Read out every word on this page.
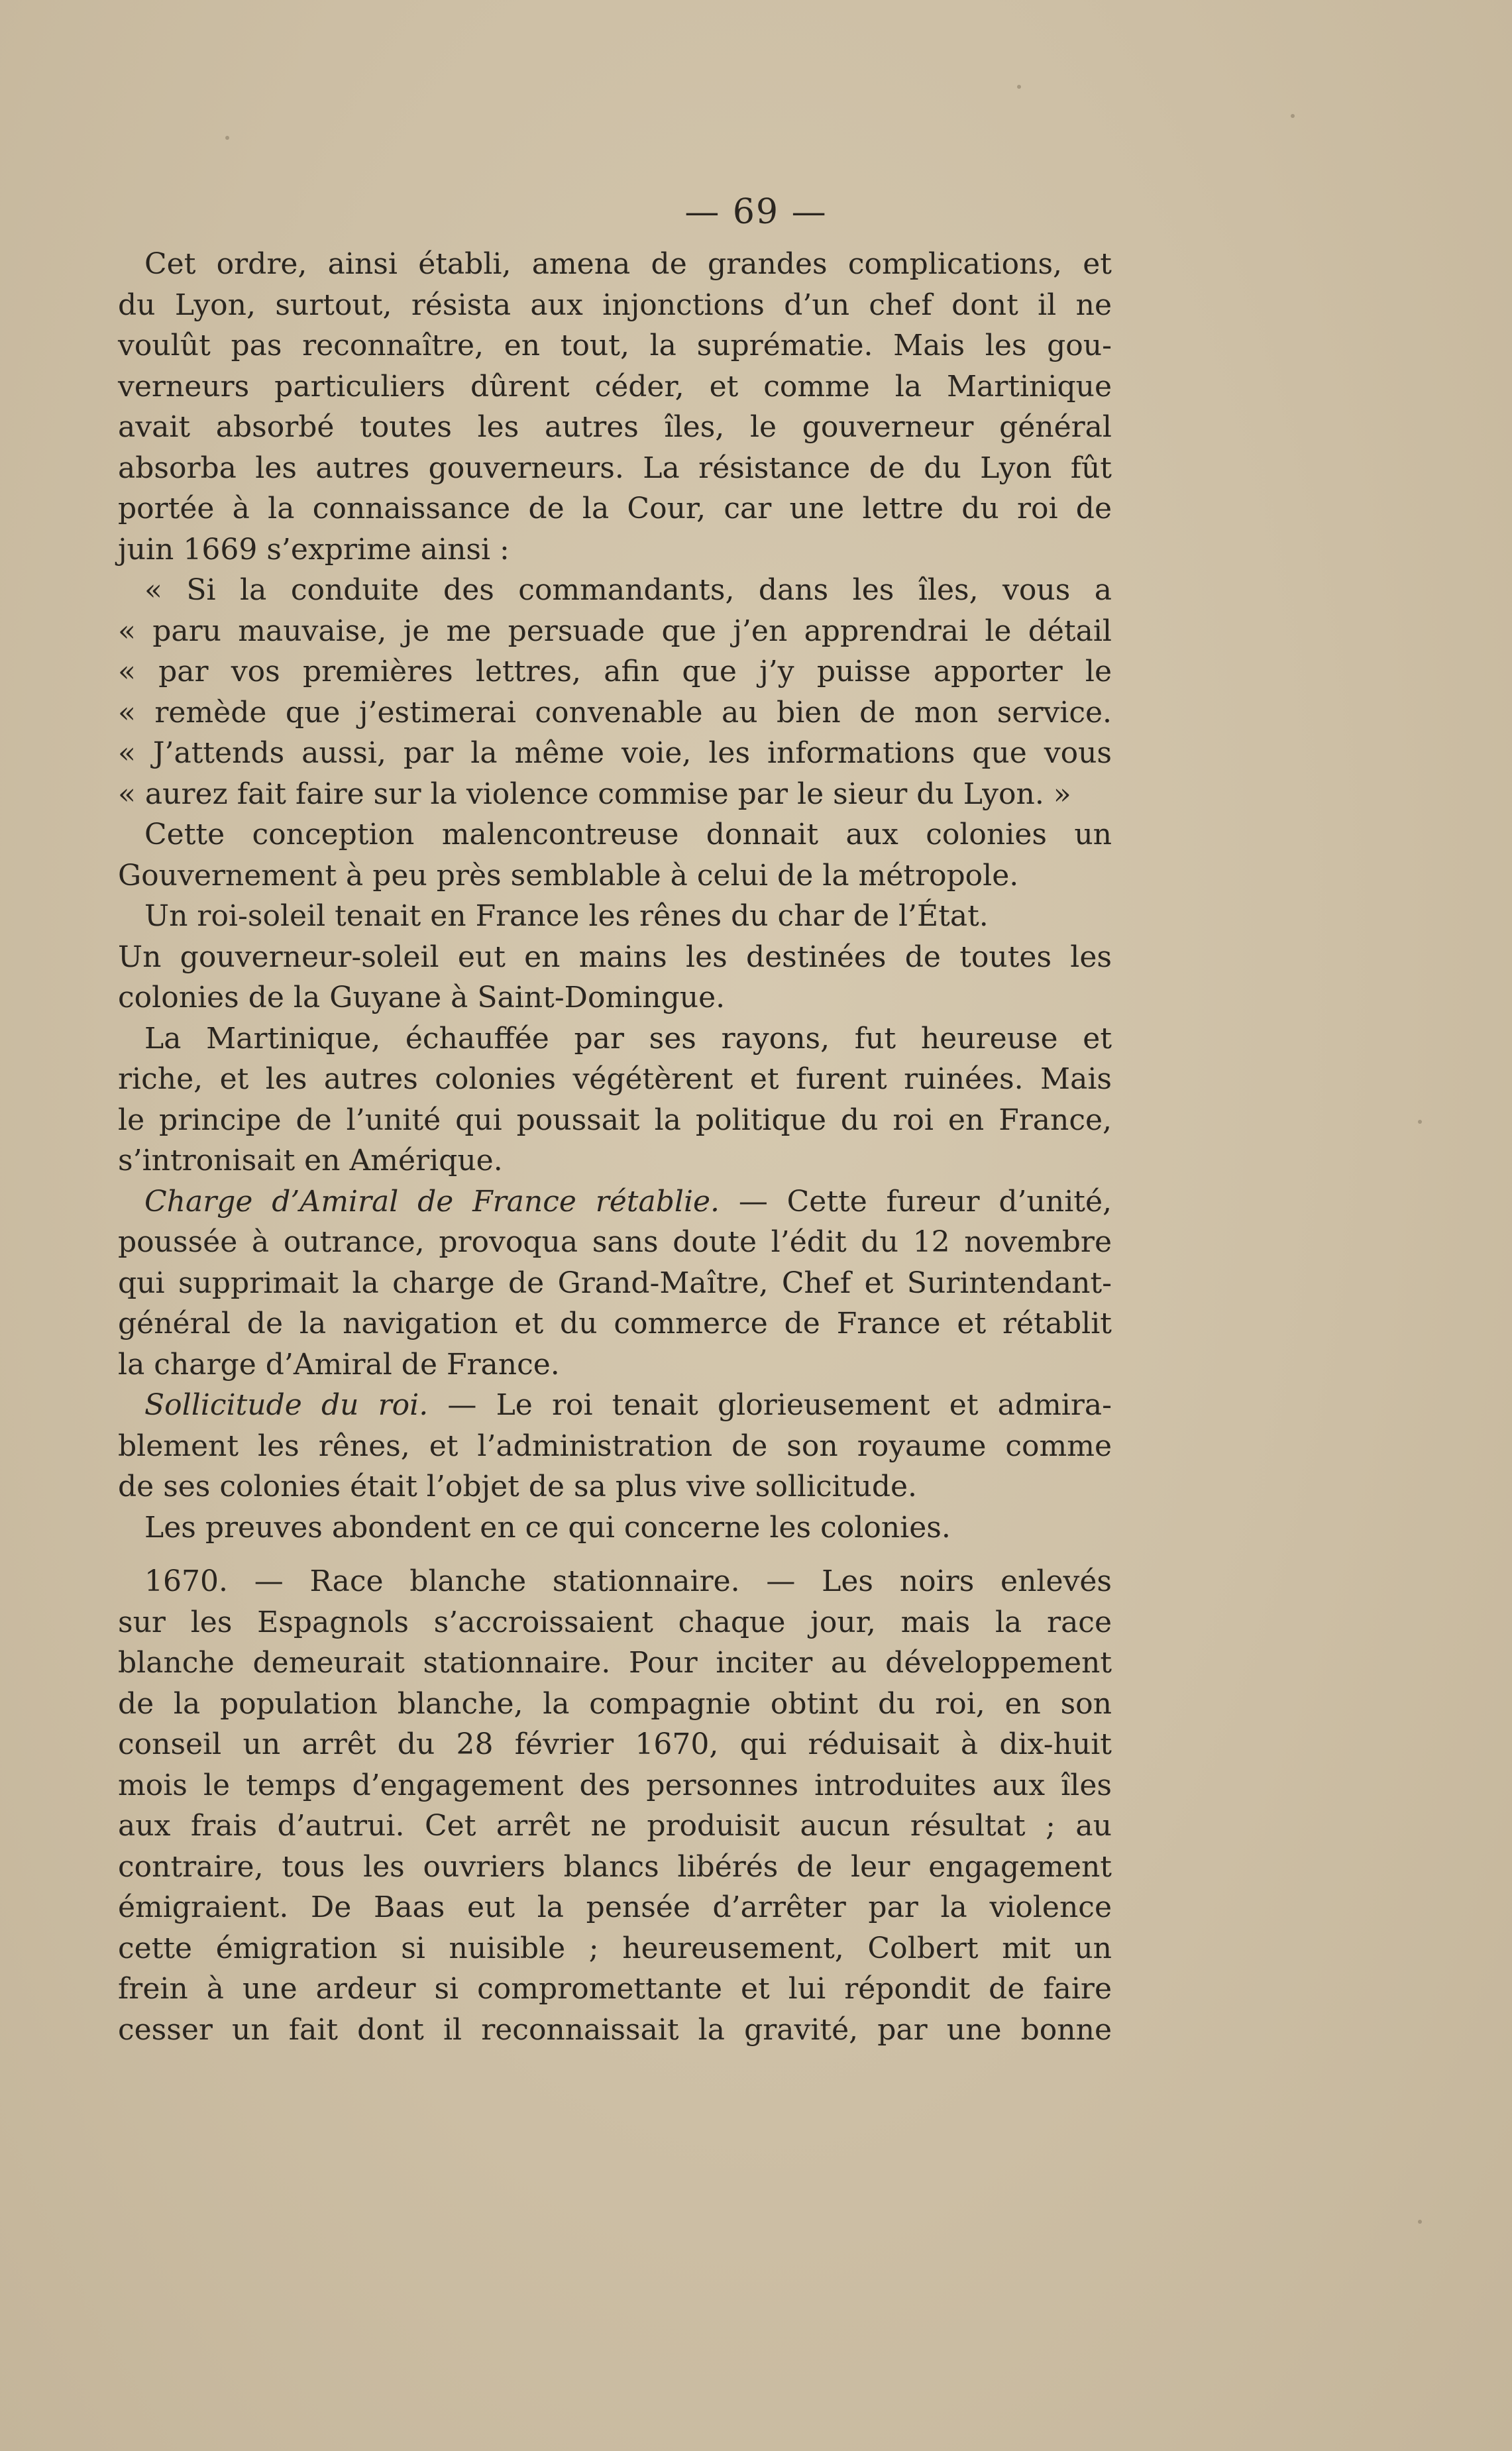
— 69 —
Cet ordre, ainsi établi, amena de grandes complications, et
du Lyon, surtout, résista aux injonctions d’un chef dont il ne
voulût pas reconnaître, en tout, la suprématie. Mais les gou-
verneurs particuliers dûrent céder, et comme la Martinique
avait absorbé toutes les autres îles, le gouverneur général
absorba les autres gouverneurs. La résistance de du Lyon fût
portée à la connaissance de la Cour, car une lettre du roi de
juin 1669 s’exprime ainsi :
« Si la conduite des commandants, dans les îles, vous a
« paru mauvaise, je me persuade que j’en apprendrai le détail
« par vos premières lettres, afin que j’y puisse apporter le
« remède que j’estimerai convenable au bien de mon service.
« J’attends aussi, par la même voie, les informations que vous
« aurez fait faire sur la violence commise par le sieur du Lyon. »
Cette conception malencontreuse donnait aux colonies un
Gouvernement à peu près semblable à celui de la métropole.
Un roi-soleil tenait en France les rênes du char de l’État.
Un gouverneur-soleil eut en mains les destinées de toutes les
colonies de la Guyane à Saint-Domingue.
La Martinique, échauffée par ses rayons, fut heureuse et
riche, et les autres colonies végétèrent et furent ruinées. Mais
le principe de l’unité qui poussait la politique du roi en France,
s’intronisait en Amérique.
Charge d’Amiral de France rétablie. — Cette fureur d’unité,
poussée à outrance, provoqua sans doute l’édit du 12 novembre
qui supprimait la charge de Grand-Maître, Chef et Surintendant-
général de la navigation et du commerce de France et rétablit
la charge d’Amiral de France.
Sollicitude du roi. — Le roi tenait glorieusement et admira-
blement les rênes, et l’administration de son royaume comme
de ses colonies était l’objet de sa plus vive sollicitude.
Les preuves abondent en ce qui concerne les colonies.
1670. — Race blanche stationnaire. — Les noirs enlevés
sur les Espagnols s’accroissaient chaque jour, mais la race
blanche demeurait stationnaire. Pour inciter au développement
de la population blanche, la compagnie obtint du roi, en son
conseil un arrêt du 28 février 1670, qui réduisait à dix-huit
mois le temps d’engagement des personnes introduites aux îles
aux frais d’autrui. Cet arrêt ne produisit aucun résultat ; au
contraire, tous les ouvriers blancs libérés de leur engagement
émigraient. De Baas eut la pensée d’arrêter par la violence
cette émigration si nuisible ; heureusement, Colbert mit un
frein à une ardeur si compromettante et lui répondit de faire
cesser un fait dont il reconnaissait la gravité, par une bonne
